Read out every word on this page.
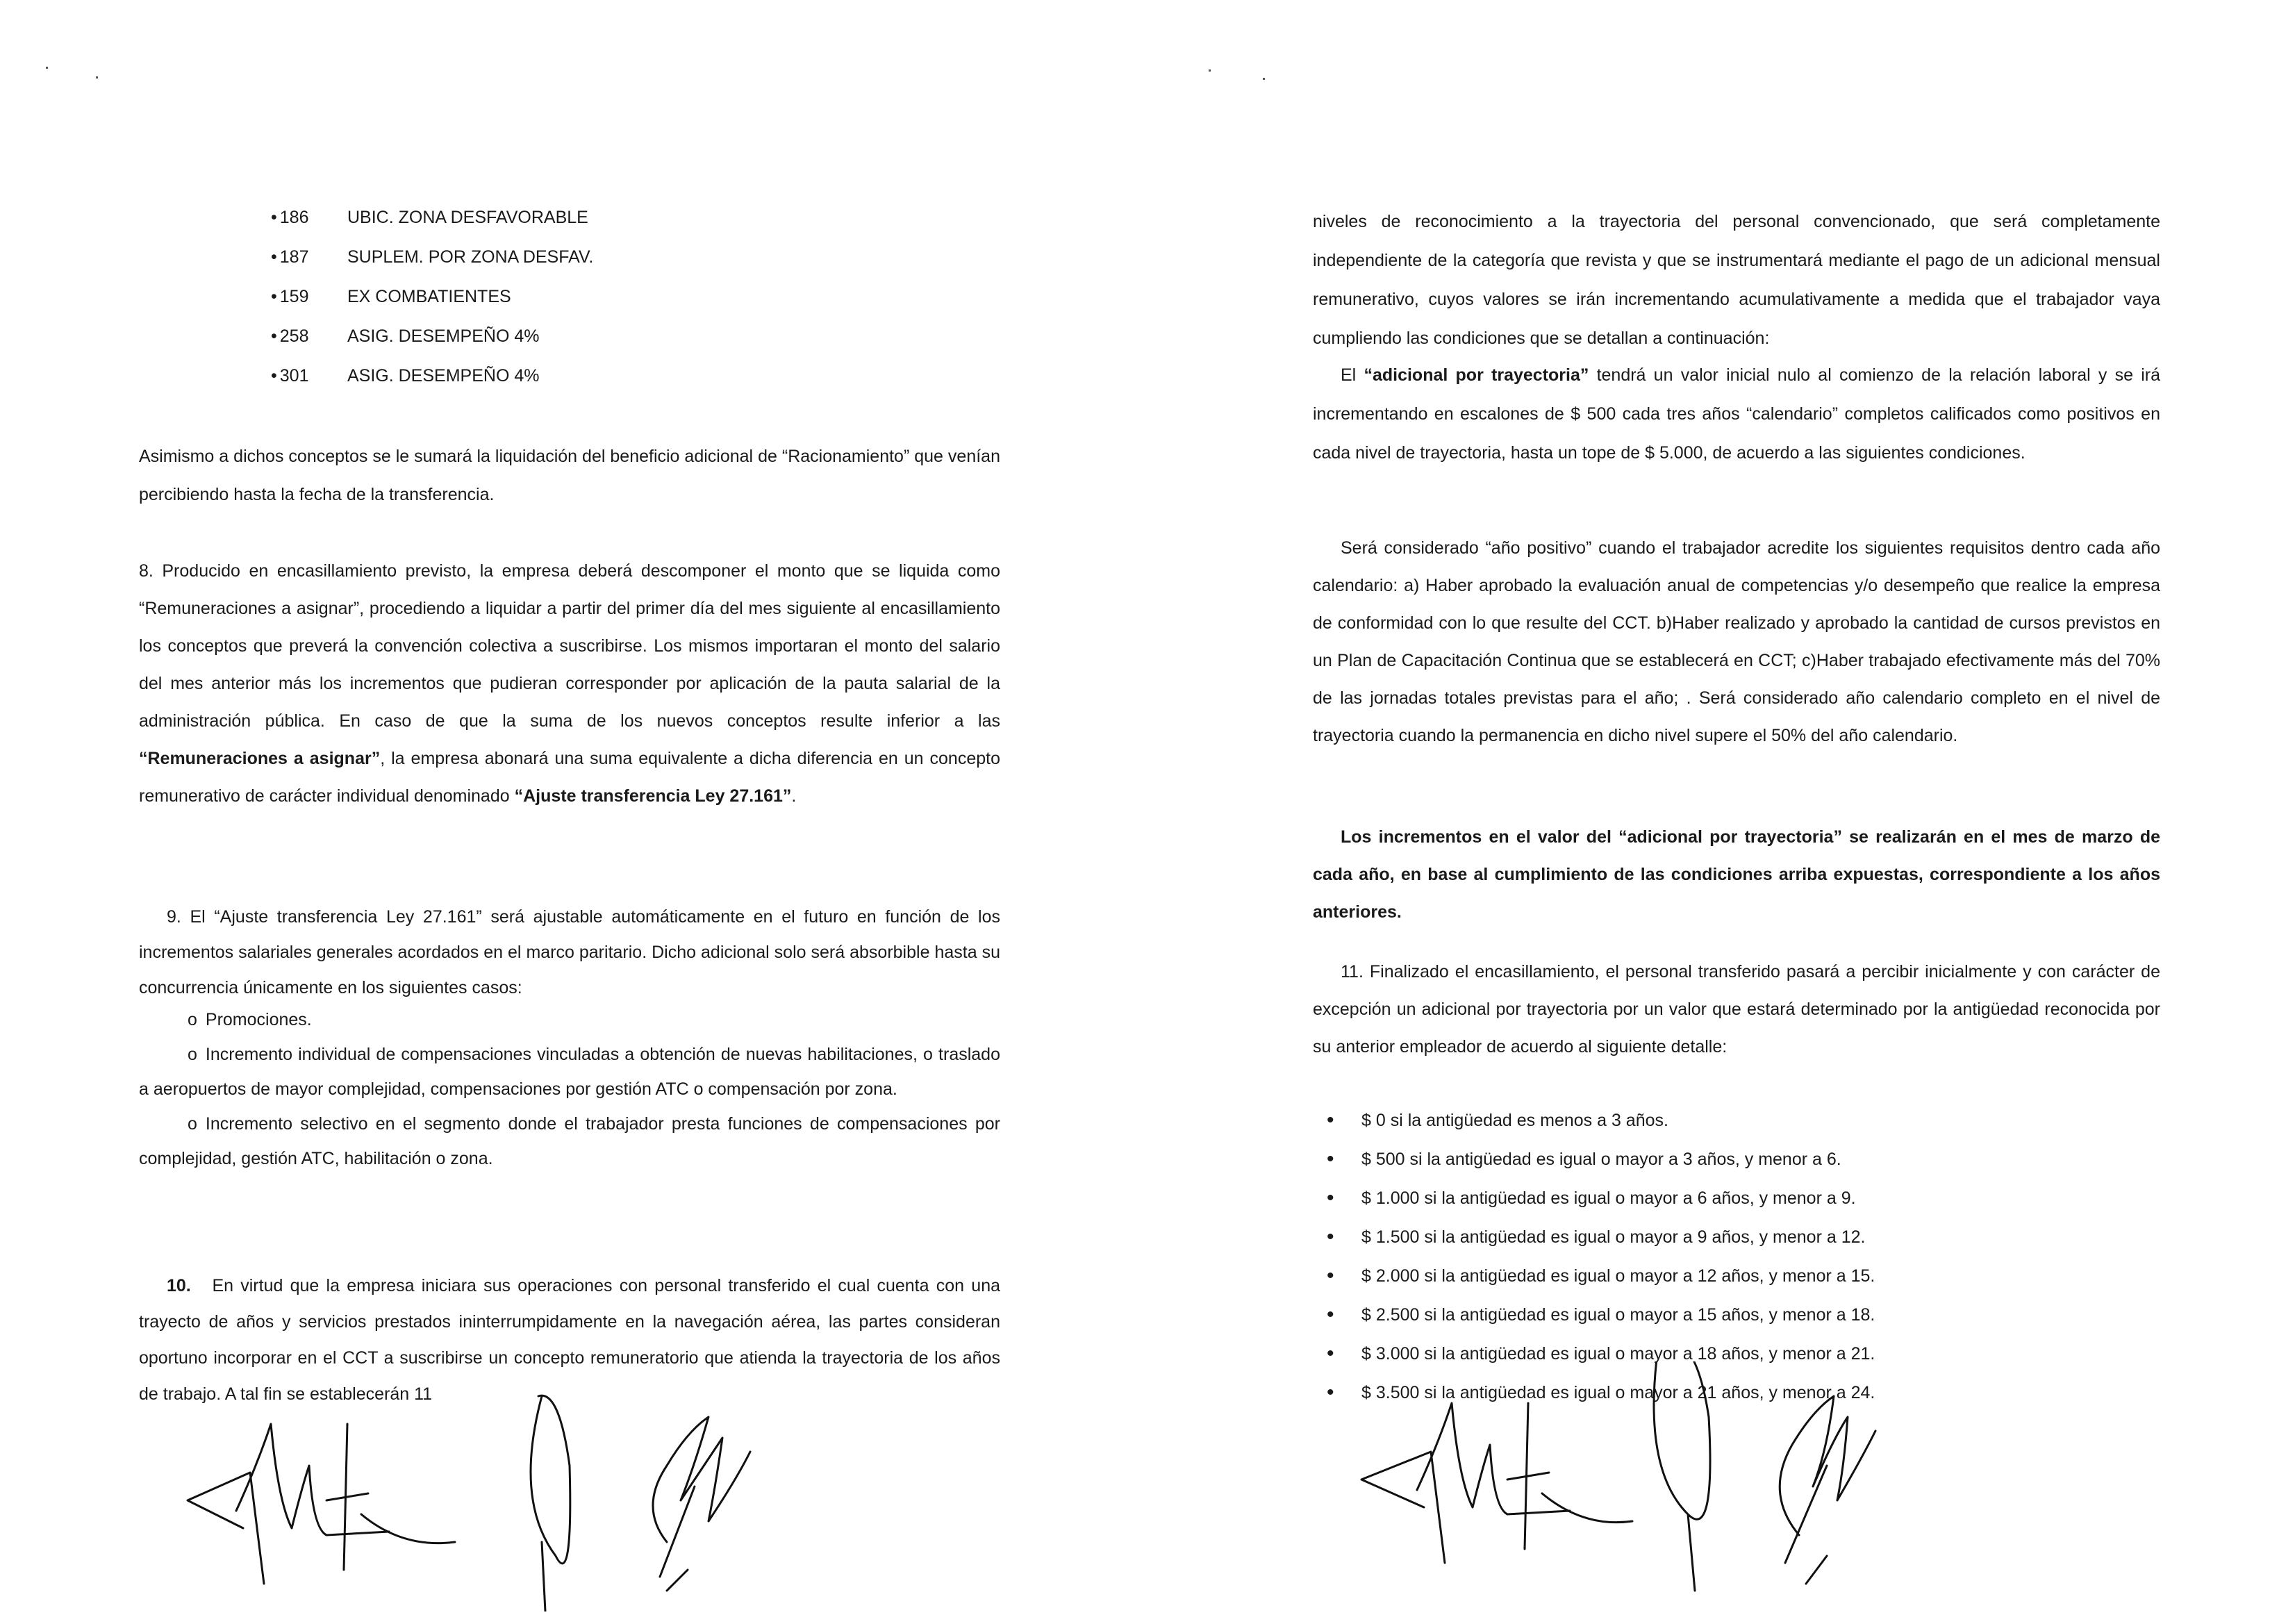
• 186 UBIC. ZONA DESFAVORABLE
• 187 SUPLEM. POR ZONA DESFAV.
• 159 EX COMBATIENTES
• 258 ASIG. DESEMPEÑO 4%
• 301 ASIG. DESEMPEÑO 4%

Asimismo a dichos conceptos se le sumará la liquidación del beneficio adicional de “Racionamiento” que venían percibiendo hasta la fecha de la transferencia.

8. Producido en encasillamiento previsto, la empresa deberá descomponer el monto que se liquida como “Remuneraciones a asignar”, procediendo a liquidar a partir del primer día del mes siguiente al encasillamiento los conceptos que preverá la convención colectiva a suscribirse. Los mismos importaran el monto del salario del mes anterior más los incrementos que pudieran corresponder por aplicación de la pauta salarial de la administración pública. En caso de que la suma de los nuevos conceptos resulte inferior a las “Remuneraciones a asignar”, la empresa abonará una suma equivalente a dicha diferencia en un concepto remunerativo de carácter individual denominado “Ajuste transferencia Ley 27.161”.

9. El “Ajuste transferencia Ley 27.161” será ajustable automáticamente en el futuro en función de los incrementos salariales generales acordados en el marco paritario. Dicho adicional solo será absorbible hasta su concurrencia únicamente en los siguientes casos:

o Promociones.

o Incremento individual de compensaciones vinculadas a obtención de nuevas habilitaciones, o traslado a aeropuertos de mayor complejidad, compensaciones por gestión ATC o compensación por zona.

o Incremento selectivo en el segmento donde el trabajador presta funciones de compensaciones por complejidad, gestión ATC, habilitación o zona.

10. En virtud que la empresa iniciara sus operaciones con personal transferido el cual cuenta con una trayecto de años y servicios prestados ininterrumpidamente en la navegación aérea, las partes consideran oportuno incorporar en el CCT a suscribirse un concepto remuneratorio que atienda la trayectoria de los años de trabajo. A tal fin se establecerán 11

niveles de reconocimiento a la trayectoria del personal convencionado, que será completamente independiente de la categoría que revista y que se instrumentará mediante el pago de un adicional mensual remunerativo, cuyos valores se irán incrementando acumulativamente a medida que el trabajador vaya cumpliendo las condiciones que se detallan a continuación:

El “adicional por trayectoria” tendrá un valor inicial nulo al comienzo de la relación laboral y se irá incrementando en escalones de $ 500 cada tres años “calendario” completos calificados como positivos en cada nivel de trayectoria, hasta un tope de $ 5.000, de acuerdo a las siguientes condiciones.

Será considerado “año positivo” cuando el trabajador acredite los siguientes requisitos dentro cada año calendario: a) Haber aprobado la evaluación anual de competencias y/o desempeño que realice la empresa de conformidad con lo que resulte del CCT. b)Haber realizado y aprobado la cantidad de cursos previstos en un Plan de Capacitación Continua que se establecerá en CCT; c)Haber trabajado efectivamente más del 70% de las jornadas totales previstas para el año; . Será considerado año calendario completo en el nivel de trayectoria cuando la permanencia en dicho nivel supere el 50% del año calendario.

Los incrementos en el valor del “adicional por trayectoria” se realizarán en el mes de marzo de cada año, en base al cumplimiento de las condiciones arriba expuestas, correspondiente a los años anteriores.

11. Finalizado el encasillamiento, el personal transferido pasará a percibir inicialmente y con carácter de excepción un adicional por trayectoria por un valor que estará determinado por la antigüedad reconocida por su anterior empleador de acuerdo al siguiente detalle:

• $ 0 si la antigüedad es menos a 3 años.
• $ 500 si la antigüedad es igual o mayor a 3 años, y menor a 6.
• $ 1.000 si la antigüedad es igual o mayor a 6 años, y menor a 9.
• $ 1.500 si la antigüedad es igual o mayor a 9 años, y menor a 12.
• $ 2.000 si la antigüedad es igual o mayor a 12 años, y menor a 15.
• $ 2.500 si la antigüedad es igual o mayor a 15 años, y menor a 18.
• $ 3.000 si la antigüedad es igual o mayor a 18 años, y menor a 21.
• $ 3.500 si la antigüedad es igual o mayor a 21 años, y menor a 24.
